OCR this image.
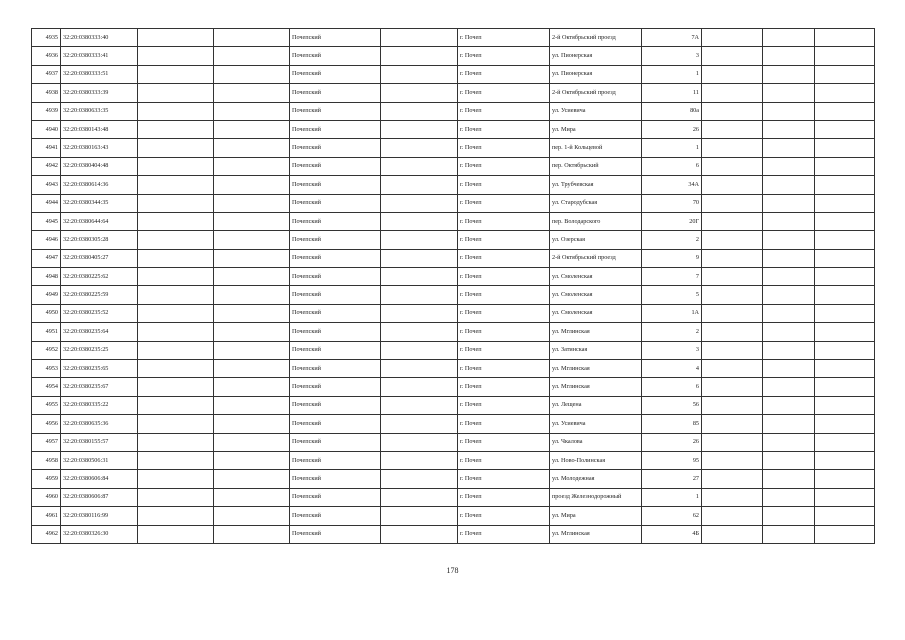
4935	32:20:0380333:40			Почепский		г. Почеп	2-й Октябрьский проезд	7А			
4936	32:20:0380333:41			Почепский		г. Почеп	ул. Пионерская	3			
4937	32:20:0380333:51			Почепский		г. Почеп	ул. Пионерская	1			
4938	32:20:0380333:39			Почепский		г. Почеп	2-й Октябрьский проезд	11			
4939	32:20:0380633:35			Почепский		г. Почеп	ул. Усиевича	80а			
4940	32:20:0380143:48			Почепский		г. Почеп	ул. Мира	26			
4941	32:20:0380163:43			Почепский		г. Почеп	пер. 1-й Кольцевой	1			
4942	32:20:0380404:48			Почепский		г. Почеп	пер. Октябрьский	6			
4943	32:20:0380614:36			Почепский		г. Почеп	ул. Трубчевская	34А			
4944	32:20:0380344:35			Почепский		г. Почеп	ул. Стародубская	70			
4945	32:20:0380644:64			Почепский		г. Почеп	пер. Володарского	20Г			
4946	32:20:0380305:28			Почепский		г. Почеп	ул. Озерская	2			
4947	32:20:0380405:27			Почепский		г. Почеп	2-й Октябрьский проезд	9			
4948	32:20:0380225:62			Почепский		г. Почеп	ул. Смоленская	7			
4949	32:20:0380225:59			Почепский		г. Почеп	ул. Смоленская	5			
4950	32:20:0380235:52			Почепский		г. Почеп	ул. Смоленская	1А			
4951	32:20:0380235:64			Почепский		г. Почеп	ул. Мглинская	2			
4952	32:20:0380235:25			Почепский		г. Почеп	ул. Затинская	3			
4953	32:20:0380235:65			Почепский		г. Почеп	ул. Мглинская	4			
4954	32:20:0380235:67			Почепский		г. Почеп	ул. Мглинская	6			
4955	32:20:0380335:22			Почепский		г. Почеп	ул. Лещена	56			
4956	32:20:0380635:36			Почепский		г. Почеп	ул. Усиевича	85			
4957	32:20:0380155:57			Почепский		г. Почеп	ул. Чкалова	26			
4958	32:20:0380506:31			Почепский		г. Почеп	ул. Ново-Полинская	95			
4959	32:20:0380606:84			Почепский		г. Почеп	ул. Молодежная	27			
4960	32:20:0380606:87			Почепский		г. Почеп	проезд Железнодорожный	1			
4961	32:20:0380116:99			Почепский		г. Почеп	ул. Мира	62			
4962	32:20:0380326:30			Почепский		г. Почеп	ул. Мглинская	4Б			
178
